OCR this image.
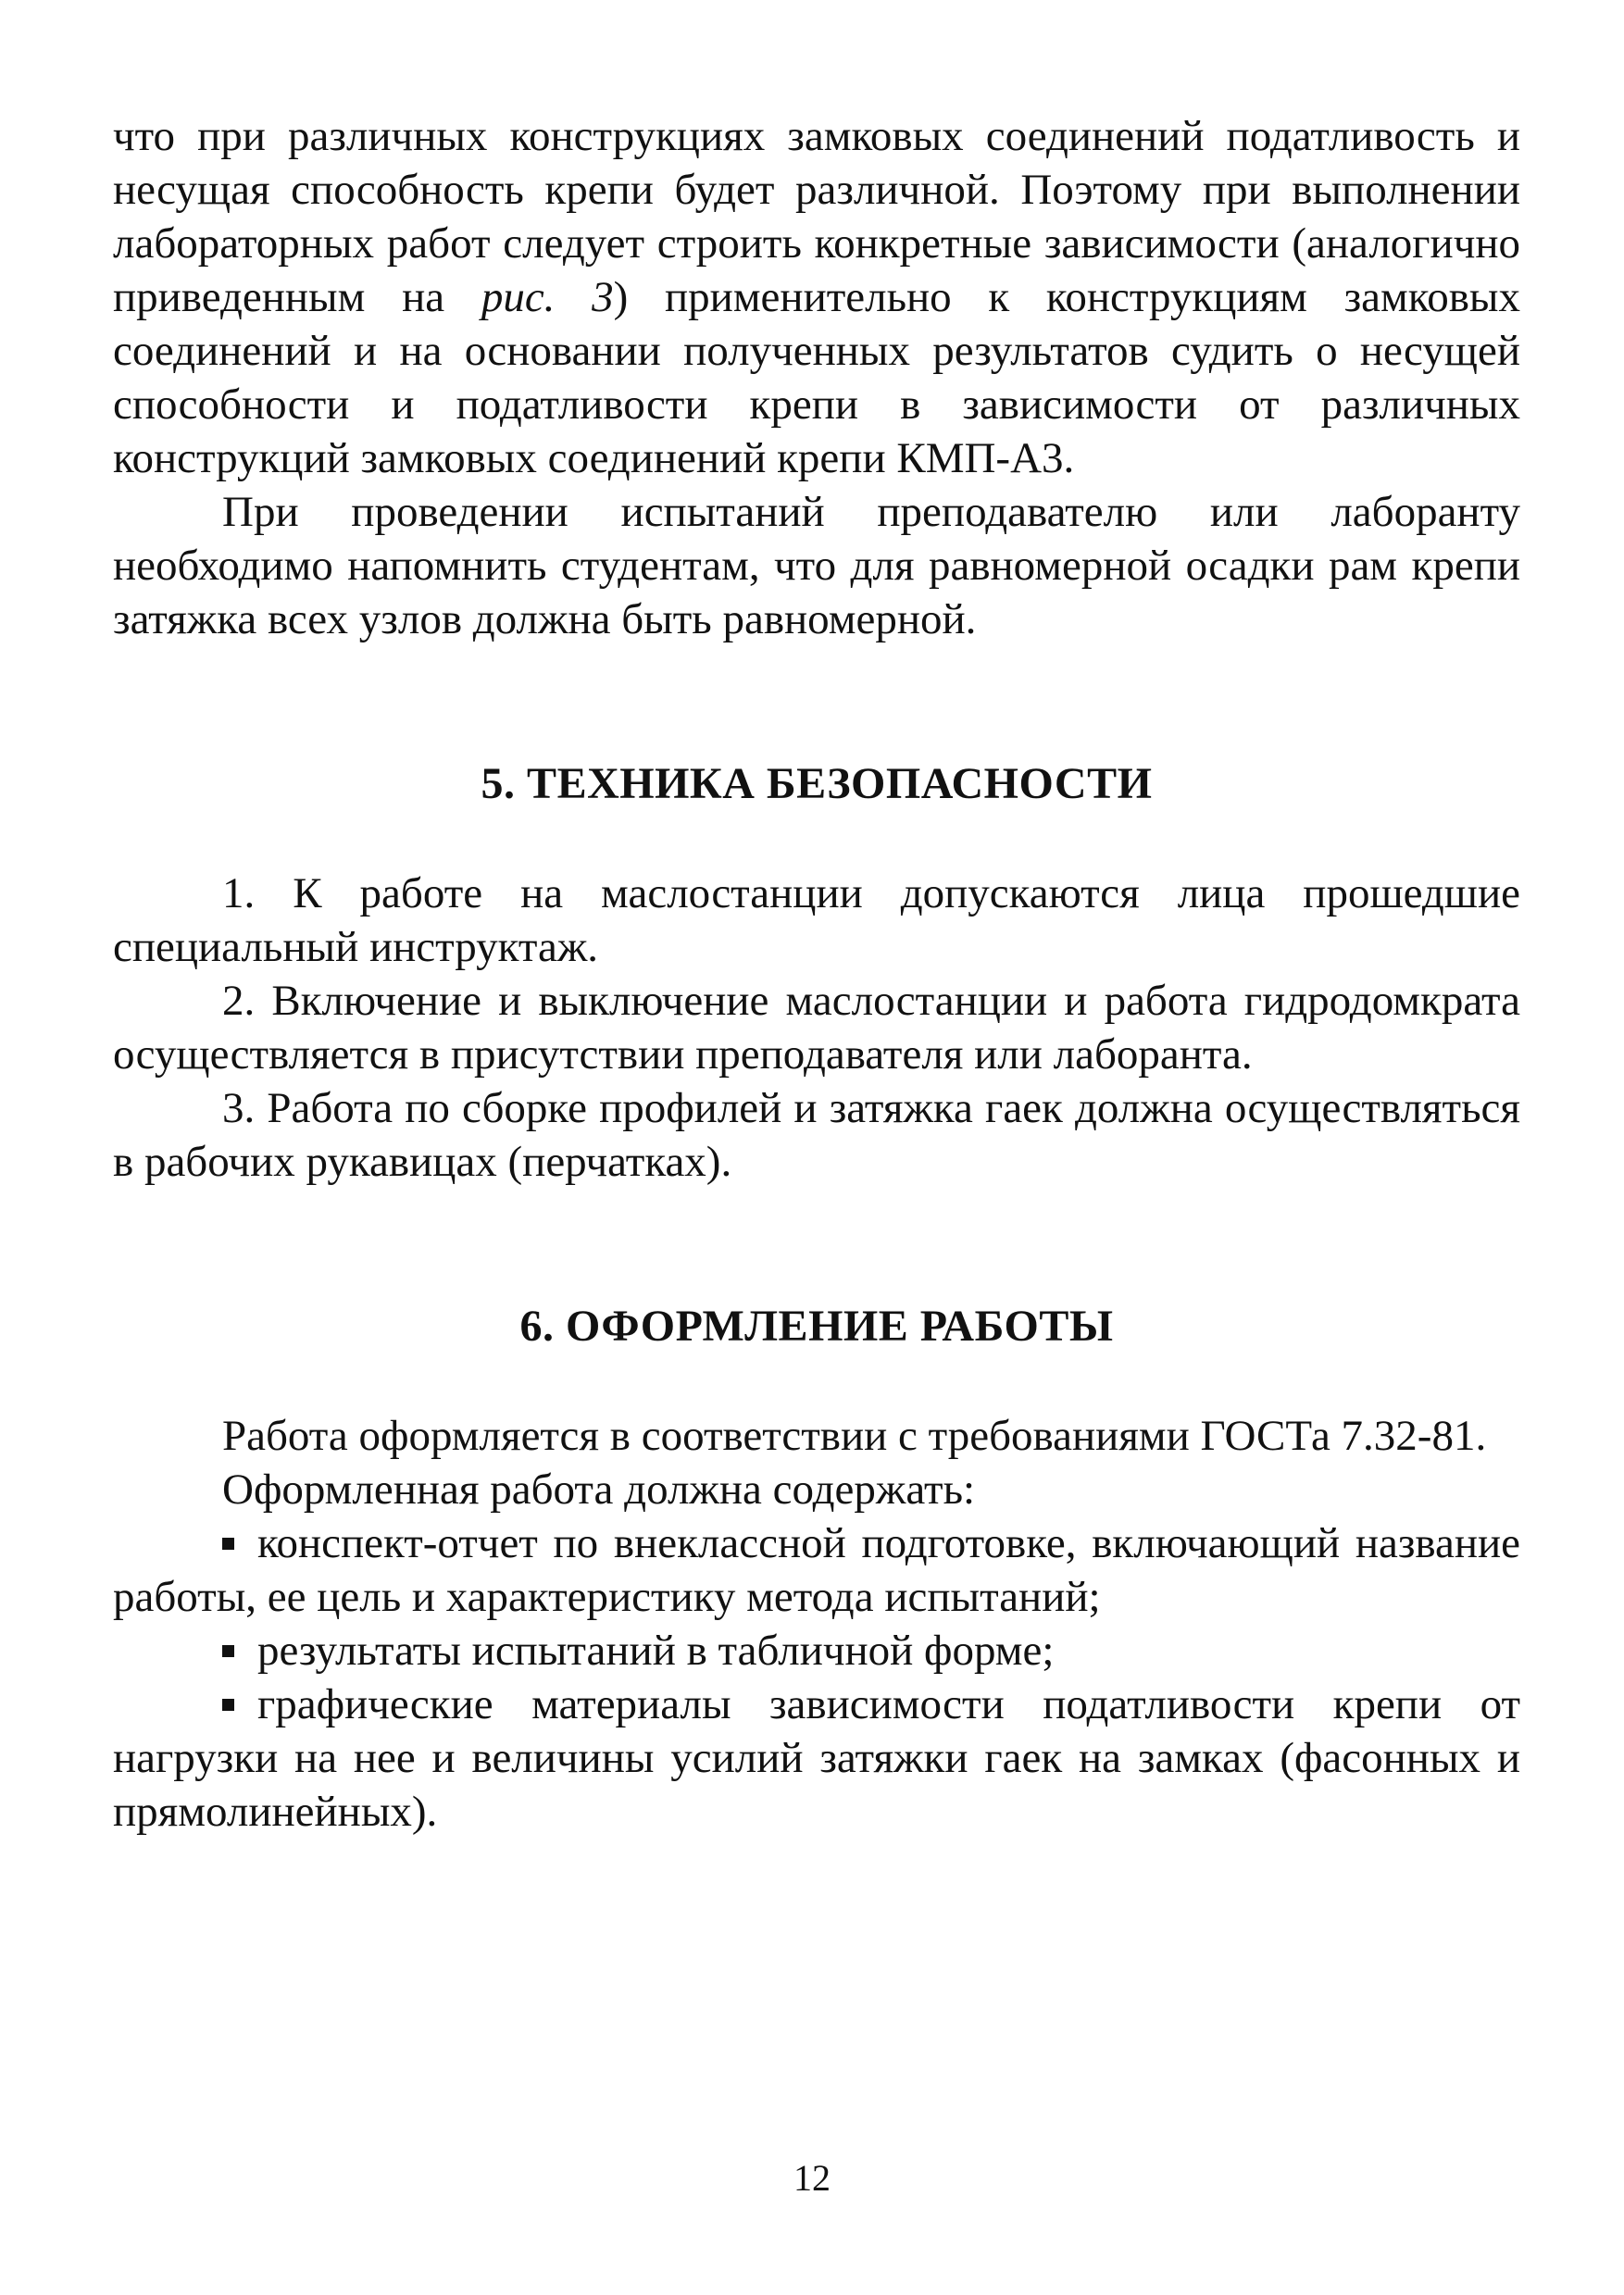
что при различных конструкциях замковых соединений податливость и несущая способность крепи будет различной. Поэтому при выполнении лабораторных работ следует строить конкретные зависимости (аналогично приведенным на рис. 3) применительно к конструкциям замковых соединений и на основании полученных результатов судить о несущей способности и податливости крепи в зависимости от различных конструкций замковых соединений крепи КМП-А3.

При проведении испытаний преподавателю или лаборанту необходимо напомнить студентам, что для равномерной осадки рам крепи затяжка всех узлов должна быть равномерной.

5. ТЕХНИКА БЕЗОПАСНОСТИ

1. К работе на маслостанции допускаются лица прошедшие специальный инструктаж.

2. Включение и выключение маслостанции и работа гидродомкрата осуществляется в присутствии преподавателя или лаборанта.

3. Работа по сборке профилей и затяжка гаек должна осуществляться в рабочих рукавицах (перчатках).

6. ОФОРМЛЕНИЕ РАБОТЫ

Работа оформляется в соответствии с требованиями ГОСТа 7.32-81.

Оформленная работа должна содержать:

конспект-отчет по внеклассной подготовке, включающий название работы, ее цель и характеристику метода испытаний;

результаты испытаний в табличной форме;

графические материалы зависимости податливости крепи от нагрузки на нее и величины усилий затяжки гаек на замках (фасонных и прямолинейных).

12
